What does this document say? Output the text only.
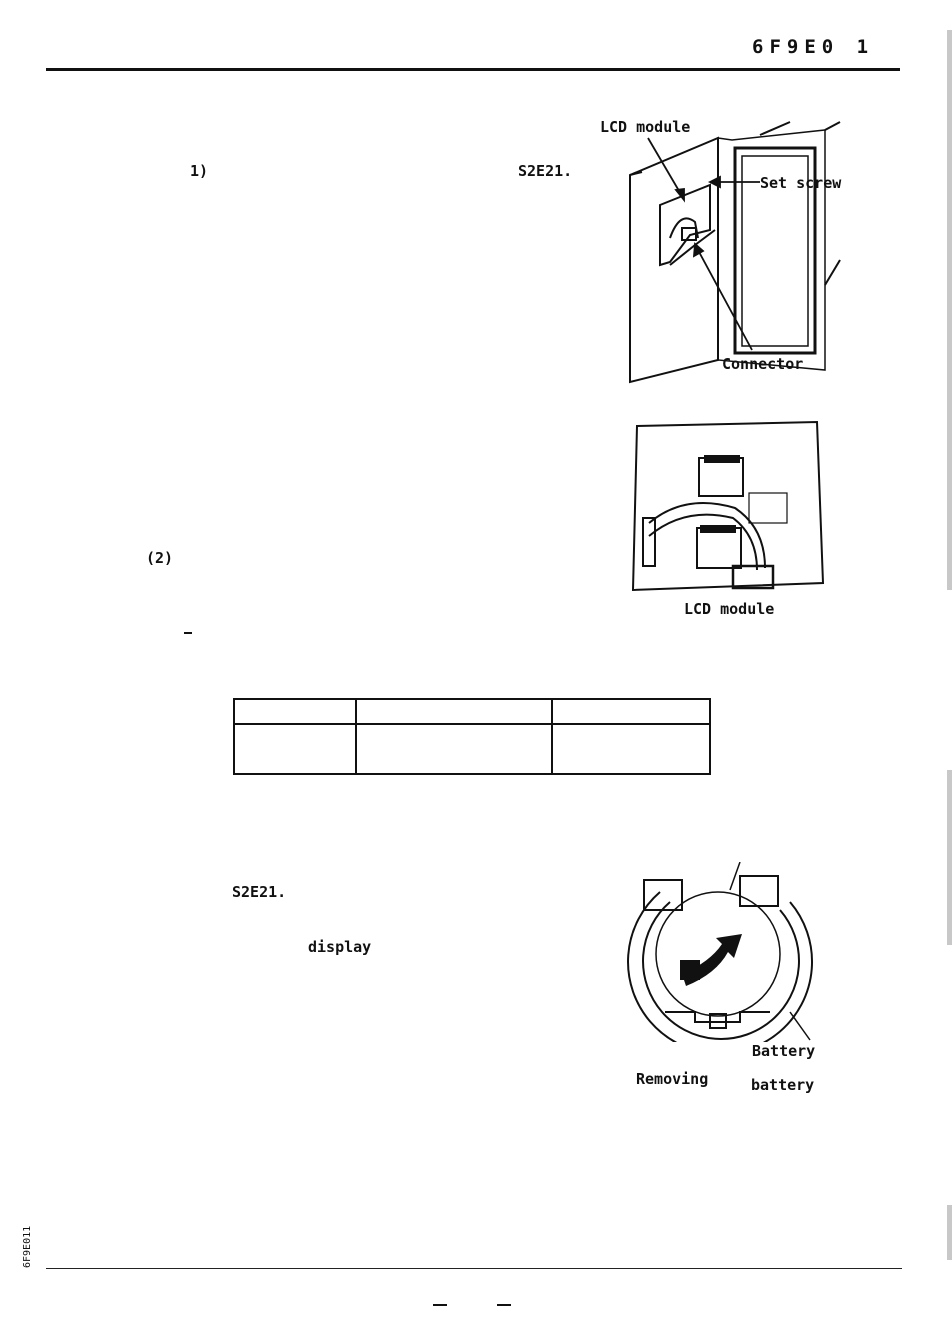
6F9E0 1
1)	S2E21.
(2)
S2E21.
display
LCD module
Set screw
Connector
LCD module

Battery
Removing	battery
6F9E011
